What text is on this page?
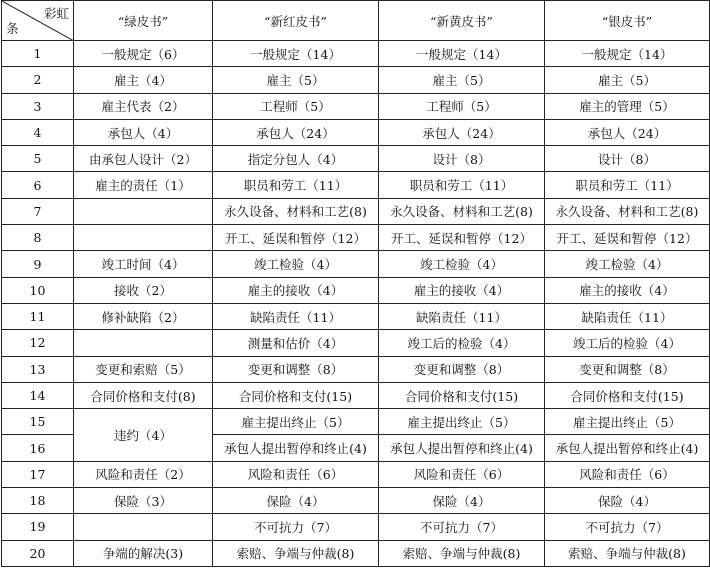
彩虹
条	“绿皮书”	“新红皮书”	“新黄皮书”	“银皮书”
1	一般规定（6）	一般规定（14）	一般规定（14）	一般规定（14）
2	雇主（4）	雇主（5）	雇主（5）	雇主（5）
3	雇主代表（2）	工程师（5）	工程师（5）	雇主的管理（5）
4	承包人（4）	承包人（24）	承包人（24）	承包人（24）
5	由承包人设计（2）	指定分包人（4）	设计（8）	设计（8）
6	雇主的责任（1）	职员和劳工（11）	职员和劳工（11）	职员和劳工（11）
7		永久设备、材料和工艺(8)	永久设备、材料和工艺(8)	永久设备、材料和工艺(8)
8		开工、延误和暂停（12）	开工、延误和暂停（12）	开工、延误和暂停（12）
9	竣工时间（4）	竣工检验（4）	竣工检验（4）	竣工检验（4）
10	接收（2）	雇主的接收（4）	雇主的接收（4）	雇主的接收（4）
11	修补缺陷（2）	缺陷责任（11）	缺陷责任（11）	缺陷责任（11）
12		测量和估价（4）	竣工后的检验（4）	竣工后的检验（4）
13	变更和索赔（5）	变更和调整（8）	变更和调整（8）	变更和调整（8）
14	合同价格和支付(8)	合同价格和支付(15)	合同价格和支付(15)	合同价格和支付(15)
15	违约（4）	雇主提出终止（5）	雇主提出终止（5）	雇主提出终止（5）
16		承包人提出暂停和终止(4)	承包人提出暂停和终止(4)	承包人提出暂停和终止(4)
17	风险和责任（2）	风险和责任（6）	风险和责任（6）	风险和责任（6）
18	保险（3）	保险（4）	保险（4）	保险（4）
19		不可抗力（7）	不可抗力（7）	不可抗力（7）
20	争端的解决(3)	索赔、争端与仲裁(8)	索赔、争端与仲裁(8)	索赔、争端与仲裁(8)
